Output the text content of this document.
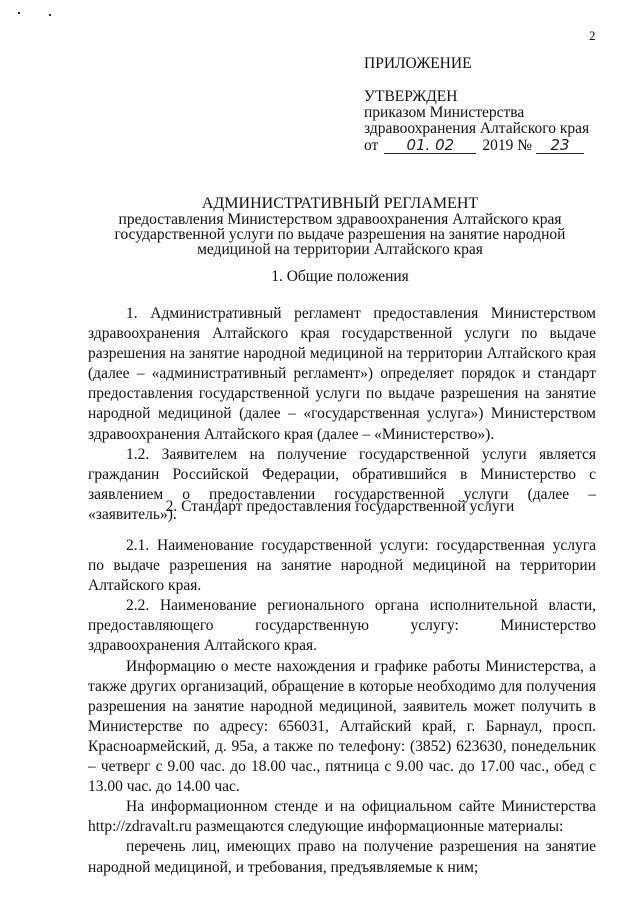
2
ПРИЛОЖЕНИЕ
УТВЕРЖДЕН
приказом Министерства
здравоохранения Алтайского края
от 01. 02 2019 № 23
АДМИНИСТРАТИВНЫЙ РЕГЛАМЕНТ
предоставления Министерством здравоохранения Алтайского края
государственной услуги по выдаче разрешения на занятие народной
медициной на территории Алтайского края
1. Общие положения

1. Административный регламент предоставления Министерством здравоохранения Алтайского края государственной услуги по выдаче разрешения на занятие народной медициной на территории Алтайского края (далее – «административный регламент») определяет порядок и стандарт предоставления государственной услуги по выдаче разрешения на занятие народной медициной (далее – «государственная услуга») Министерством здравоохранения Алтайского края (далее – «Министерство»).

1.2. Заявителем на получение государственной услуги является гражданин Российской Федерации, обратившийся в Министерство с заявлением о предоставлении государственной услуги (далее – «заявитель»).

2. Стандарт предоставления государственной услуги

2.1. Наименование государственной услуги: государственная услуга по выдаче разрешения на занятие народной медициной на территории Алтайского края.

2.2. Наименование регионального органа исполнительной власти, предоставляющего государственную услугу: Министерство здравоохранения Алтайского края.

Информацию о месте нахождения и графике работы Министерства, а также других организаций, обращение в которые необходимо для получения разрешения на занятие народной медициной, заявитель может получить в Министерстве по адресу: 656031, Алтайский край, г. Барнаул, просп. Красноармейский, д. 95а, а также по телефону: (3852) 623630, понедельник – четверг с 9.00 час. до 18.00 час., пятница с 9.00 час. до 17.00 час., обед с 13.00 час. до 14.00 час.

На информационном стенде и на официальном сайте Министерства http://zdravalt.ru размещаются следующие информационные материалы:

перечень лиц, имеющих право на получение разрешения на занятие народной медициной, и требования, предъявляемые к ним;
